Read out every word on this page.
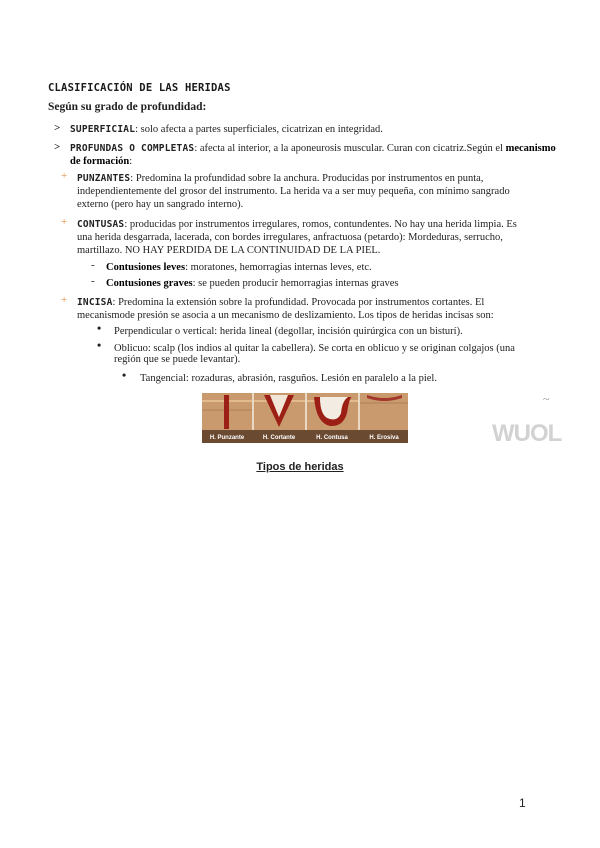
CLASIFICACIÓN DE LAS HERIDAS
Según su grado de profundidad:
> SUPERFICIAL: solo afecta a partes superficiales, cicatrizan en integridad.
> PROFUNDAS O COMPLETAS: afecta al interior, a la aponeurosis muscular. Curan con cicatriz.Según el mecanismo
de formación:
+ PUNZANTES: Predomina la profundidad sobre la anchura. Producidas por instrumentos en punta,
independientemente del grosor del instrumento. La herida va a ser muy pequeña, con mínimo sangrado
externo (pero hay un sangrado interno).
+ CONTUSAS: producidas por instrumentos irregulares, romos, contundentes. No hay una herida limpia. Es
una herida desgarrada, lacerada, con bordes irregulares, anfractuosa (petardo): Mordeduras, serrucho,
martillazo. NO HAY PERDIDA DE LA CONTINUIDAD DE LA PIEL.
- Contusiones leves: moratones, hemorragias internas leves, etc.
- Contusiones graves: se pueden producir hemorragias internas graves
+ INCISA: Predomina la extensión sobre la profundidad. Provocada por instrumentos cortantes. El
mecanismode presión se asocia a un mecanismo de deslizamiento. Los tipos de heridas incisas son:
• Perpendicular o vertical: herida lineal (degollar, incisión quirúrgica con un bisturí).
• Oblicuo: scalp (los indios al quitar la cabellera). Se corta en oblicuo y se originan colgajos (una
región que se puede levantar).
• Tangencial: rozaduras, abrasión, rasguños. Lesión en paralelo a la piel.
H. Punzante	H. Cortante	H. Contusa	H. Erosiva
~
WUOL
Tipos de heridas
1
